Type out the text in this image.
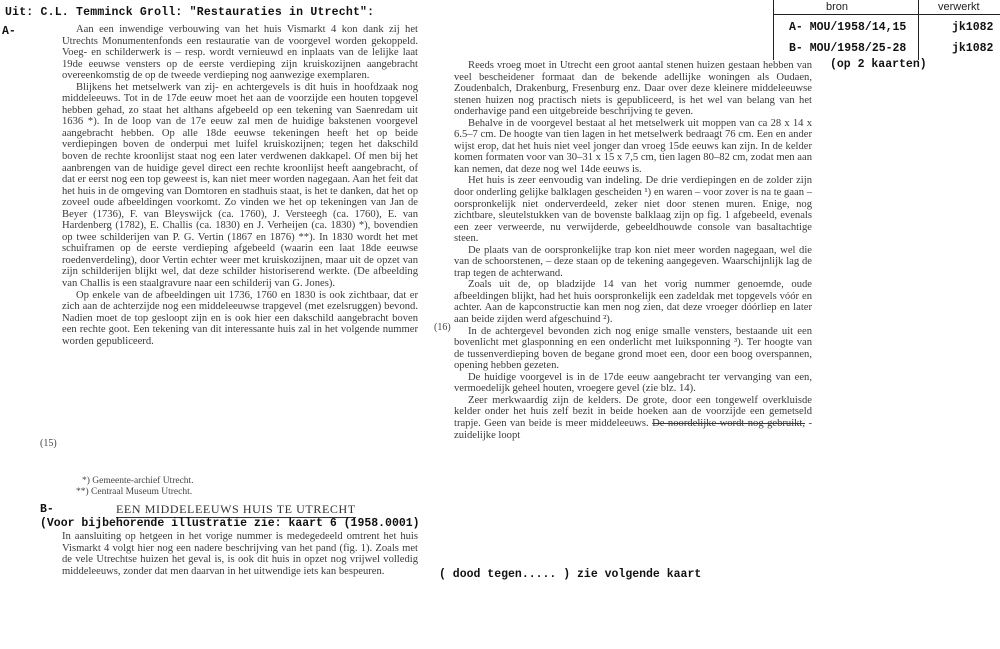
Uit: C.L. Temminck Groll: "Restauraties in Utrecht":
A-
bron	verwerkt
A- MOU/1958/14,15	jk1082
B- MOU/1958/25-28	jk1082
(op 2 kaarten)

Aan een inwendige verbouwing van het huis Vismarkt 4 kon dank zij het Utrechts Monumentenfonds een restauratie van de voorgevel worden gekoppeld. Voeg- en schilderwerk is – resp. wordt vernieuwd en inplaats van de lelijke laat 19de eeuwse vensters op de eerste verdieping zijn kruiskozijnen aangebracht overeenkomstig de op de tweede verdieping nog aanwezige exemplaren.

Blijkens het metselwerk van zij- en achtergevels is dit huis in hoofdzaak nog middeleeuws. Tot in de 17de eeuw moet het aan de voorzijde een houten topgevel hebben gehad, zo staat het althans afgebeeld op een tekening van Saenredam uit 1636 *). In de loop van de 17e eeuw zal men de huidige bakstenen voorgevel aangebracht hebben. Op alle 18de eeuwse tekeningen heeft het op beide verdiepingen boven de onderpui met luifel kruiskozijnen; tegen het dakschild boven de rechte kroonlijst staat nog een later verdwenen dakkapel. Of men bij het aanbrengen van de huidige gevel direct een rechte kroonlijst heeft aangebracht, of dat er eerst nog een top geweest is, kan niet meer worden nagegaan. Aan het feit dat het huis in de omgeving van Domtoren en stadhuis staat, is het te danken, dat het op zoveel oude afbeeldingen voorkomt. Zo vinden we het op tekeningen van Jan de Beyer (1736), F. van Bleyswijck (ca. 1760), J. Versteegh (ca. 1760), E. van Hardenberg (1782), E. Challis (ca. 1830) en J. Verheijen (ca. 1830) *), bovendien op twee schilderijen van P. G. Vertin (1867 en 1876) **). In 1830 wordt het met schuiframen op de eerste verdieping afgebeeld (waarin een laat 18de eeuwse roedenverdeling), door Vertin echter weer met kruiskozijnen, maar uit de opzet van zijn schilderijen blijkt wel, dat deze schilder historiserend werkte. (De afbeelding van Challis is een staalgravure naar een schilderij van G. Jones).

Op enkele van de afbeeldingen uit 1736, 1760 en 1830 is ook zichtbaar, dat er zich aan de achterzijde nog een middeleeuwse trapgevel (met ezelsruggen) bevond. Nadien moet de top gesloopt zijn en is ook hier een dakschild aangebracht boven een rechte goot. Een tekening van dit interessante huis zal in het volgende nummer worden gepubliceerd.

(15)
(16)
*) Gemeente-archief Utrecht.
**) Centraal Museum Utrecht.
B-	EEN MIDDELEEUWS HUIS TE UTRECHT
(Voor bijbehorende illustratie zie: kaart 6 (1958.0001)

In aansluiting op hetgeen in het vorige nummer is medegedeeld omtrent het huis Vismarkt 4 volgt hier nog een nadere beschrijving van het pand (fig. 1). Zoals met de vele Utrechtse huizen het geval is, is ook dit huis in opzet nog vrijwel volledig middeleeuws, zonder dat men daarvan in het uitwendige iets kan bespeuren.

Reeds vroeg moet in Utrecht een groot aantal stenen huizen gestaan hebben van veel bescheidener formaat dan de bekende adellijke woningen als Oudaen, Zoudenbalch, Drakenburg, Fresenburg enz. Daar over deze kleinere middeleeuwse stenen huizen nog practisch niets is gepubliceerd, is het wel van belang van het onderhavige pand een uitgebreide beschrijving te geven.

Behalve in de voorgevel bestaat al het metselwerk uit moppen van ca 28 x 14 x 6.5–7 cm. De hoogte van tien lagen in het metselwerk bedraagt 76 cm. Een en ander wijst erop, dat het huis niet veel jonger dan vroeg 15de eeuws kan zijn. In de kelder komen formaten voor van 30–31 x 15 x 7,5 cm, tien lagen 80–82 cm, zodat men aan kan nemen, dat deze nog wel 14de eeuws is.

Het huis is zeer eenvoudig van indeling. De drie verdiepingen en de zolder zijn door onderling gelijke balklagen gescheiden ¹) en waren – voor zover is na te gaan – oorspronkelijk niet onderverdeeld, zeker niet door stenen muren. Enige, nog zichtbare, sleutelstukken van de bovenste balklaag zijn op fig. 1 afgebeeld, evenals een zeer verweerde, nu verwijderde, gebeeldhouwde console van basaltachtige steen.

De plaats van de oorspronkelijke trap kon niet meer worden nagegaan, wel die van de schoorstenen, – deze staan op de tekening aangegeven. Waarschijnlijk lag de trap tegen de achterwand.

Zoals uit de, op bladzijde 14 van het vorig nummer genoemde, oude afbeeldingen blijkt, had het huis oorspronkelijk een zadeldak met topgevels vóór en achter. Aan de kapconstructie kan men nog zien, dat deze vroeger dóórliep en later aan beide zijden werd afgeschuind ²).

In de achtergevel bevonden zich nog enige smalle vensters, bestaande uit een bovenlicht met glasponning en een onderlicht met luiksponning ³). Ter hoogte van de tussenverdieping boven de begane grond moet een, door een boog overspannen, opening hebben gezeten.

De huidige voorgevel is in de 17de eeuw aangebracht ter vervanging van een, vermoedelijk geheel houten, vroegere gevel (zie blz. 14).

Zeer merkwaardig zijn de kelders. De grote, door een tongewelf overkluisde kelder onder het huis zelf bezit in beide hoeken aan de voorzijde een gemetseld trapje. Geen van beide is meer middeleeuws. De noordelijke wordt nog gebruikt, - zuidelijke loopt

( dood tegen..... ) zie volgende kaart
